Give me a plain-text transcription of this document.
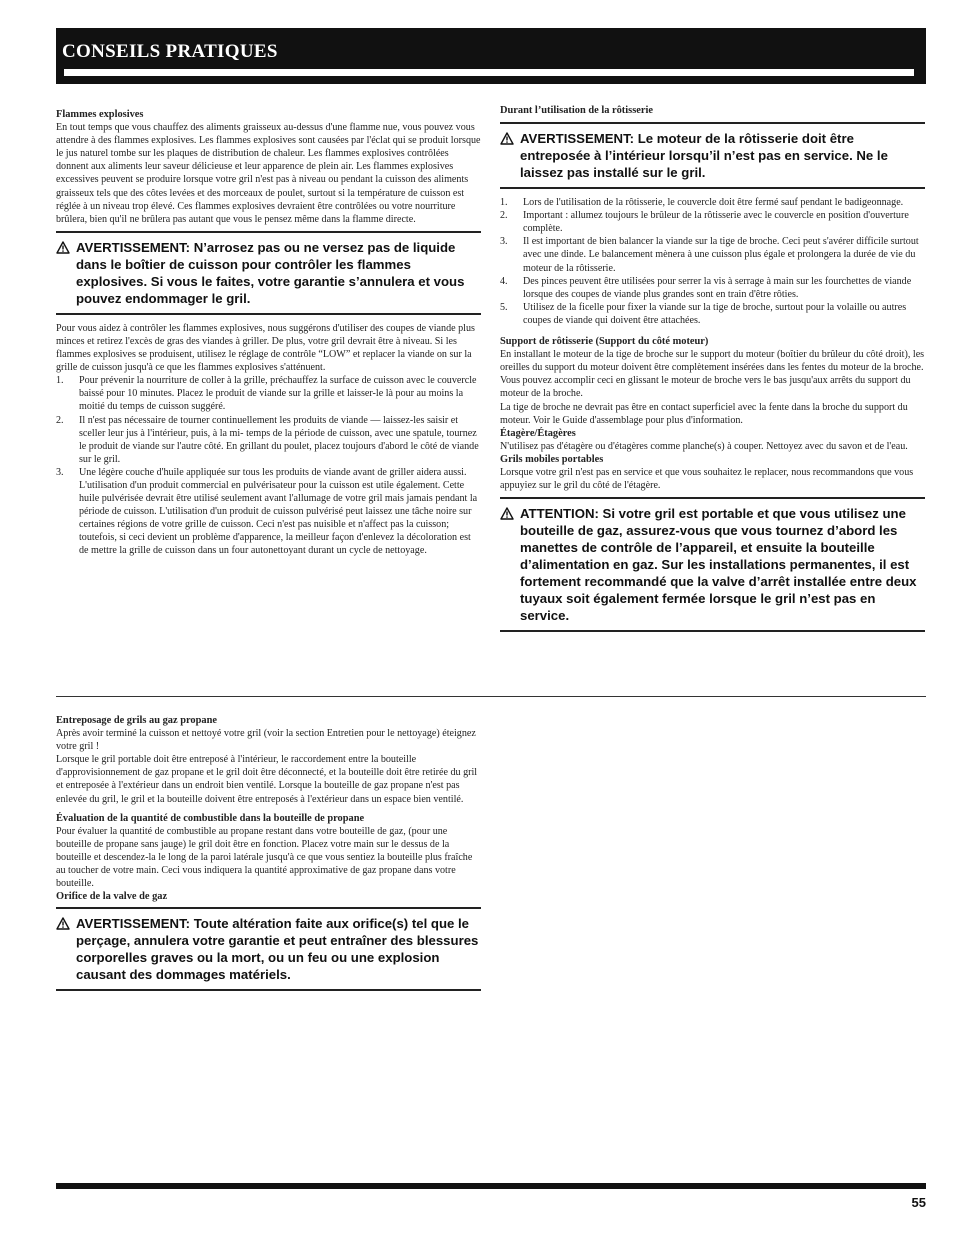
CONSEILS PRATIQUES

Flammes explosives

En tout temps que vous chauffez des aliments graisseux au-dessus d'une flamme nue, vous pouvez vous attendre à des flammes explosives. Les flammes explosives sont causées par l'éclat qui se produit lorsque le jus naturel tombe sur les plaques de distribution de chaleur. Les flammes explosives contrôlées donnent aux aliments leur saveur délicieuse et leur apparence de plein air. Les flammes explosives excessives peuvent se produire lorsque votre gril n'est pas à niveau ou pendant la cuisson des aliments graisseux tels que des côtes levées et des morceaux de poulet, surtout si la température de cuisson est réglée à un niveau trop élevé. Ces flammes explosives devraient être contrôlées ou votre nourriture brûlera, bien qu'il ne brûlera pas autant que vous le pensez même dans la flamme directe.

AVERTISSEMENT: N’arrosez pas ou ne versez pas de liquide dans le boîtier de cuisson pour contrôler les flammes explosives. Si vous le faites, votre garantie s’annulera et vous pouvez endommager le gril.

Pour vous aidez à contrôler les flammes explosives, nous suggérons d'utiliser des coupes de viande plus minces et retirez l'excès de gras des viandes à griller. De plus, votre gril devrait être à niveau. Si les flammes explosives se produisent, utilisez le réglage de contrôle “LOW” et replacer la viande on sur la grille de cuisson jusqu'à ce que les flammes explosives s'atténuent.

1. Pour prévenir la nourriture de coller à la grille, préchauffez la surface de cuisson avec le couvercle baissé pour 10 minutes. Placez le produit de viande sur la grille et laisser-le là pour au moins la moitié du temps de cuisson suggéré.
2. Il n'est pas nécessaire de tourner continuellement les produits de viande — laissez-les saisir et sceller leur jus à l'intérieur, puis, à la mi- temps de la période de cuisson, avec une spatule, tournez le produit de viande sur l'autre côté. En grillant du poulet, placez toujours d'abord le côté de viande sur le gril.
3. Une légère couche d'huile appliquée sur tous les produits de viande avant de griller aidera aussi. L'utilisation d'un produit commercial en pulvérisateur pour la cuisson est utile également. Cette huile pulvérisée devrait être utilisé seulement avant l'allumage de votre gril mais jamais pendant la période de cuisson. L'utilisation d'un produit de cuisson pulvérisé peut laissez une tâche noire sur certaines régions de votre grille de cuisson. Ceci n'est pas nuisible et n'affect pas la cuisson; toutefois, si ceci devient un problème d'apparence, la meilleur façon d'enlevez la décoloration est de mettre la grille de cuisson dans un four autonettoyant durant un cycle de nettoyage.

Durant l’utilisation de la rôtisserie

AVERTISSEMENT: Le moteur de la rôtisserie doit être entreposée à l’intérieur lorsqu’il n’est pas en service. Ne le laissez pas installé sur le gril.
1. Lors de l'utilisation de la rôtisserie, le couvercle doit être fermé sauf pendant le badigeonnage.
2. Important : allumez toujours le brûleur de la rôtisserie avec le couvercle en position d'ouverture complète.
3. Il est important de bien balancer la viande sur la tige de broche. Ceci peut s'avérer difficile surtout avec une dinde. Le balancement mènera à une cuisson plus égale et prolongera la durée de vie du moteur de la rôtisserie.
4. Des pinces peuvent être utilisées pour serrer la vis à serrage à main sur les fourchettes de viande lorsque des coupes de viande plus grandes sont en train d'être rôties.
5. Utilisez de la ficelle pour fixer la viande sur la tige de broche, surtout pour la volaille ou autres coupes de viande qui doivent être attachées.

Support de rôtisserie (Support du côté moteur)

En installant le moteur de la tige de broche sur le support du moteur (boîtier du brûleur du côté droit), les oreilles du support du moteur doivent être complètement insérées dans les fentes du moteur de la broche. Vous pouvez accomplir ceci en glissant le moteur de broche vers le bas jusqu'aux arrêts du support du moteur de la broche.

La tige de broche ne devrait pas être en contact superficiel avec la fente dans la broche du support du moteur. Voir le Guide d'assemblage pour plus d'information.

Étagère/Étagères

N'utilisez pas d'étagère ou d'étagères comme planche(s) à couper. Nettoyez avec du savon et de l'eau.

Grils mobiles portables

Lorsque votre gril n'est pas en service et que vous souhaitez le replacer, nous recommandons que vous appuyiez sur le gril du côté de l'étagère.

ATTENTION: Si votre gril est portable et que vous utilisez une bouteille de gaz, assurez-vous que vous tournez d’abord les manettes de contrôle de l’appareil, et ensuite la bouteille d’alimentation en gaz. Sur les installations permanentes, il est fortement recommandé que la valve d’arrêt installée entre deux tuyaux soit également fermée lorsque le gril n’est pas en service.

Entreposage de grils au gaz propane

Après avoir terminé la cuisson et nettoyé votre gril (voir la section Entretien pour le nettoyage) éteignez votre gril !

Lorsque le gril portable doit être entreposé à l'intérieur, le raccordement entre la bouteille d'approvisionnement de gaz propane et le gril doit être déconnecté, et la bouteille doit être retirée du gril et entreposée à l'extérieur dans un endroit bien ventilé. Lorsque la bouteille de gaz propane n'est pas enlevée du gril, le gril et la bouteille doivent être entreposés à l'extérieur dans un espace bien ventilé.

Évaluation de la quantité de combustible dans la bouteille de propane

Pour évaluer la quantité de combustible au propane restant dans votre bouteille de gaz, (pour une bouteille de propane sans jauge) le gril doit être en fonction. Placez votre main sur le dessus de la bouteille et descendez-la le long de la paroi latérale jusqu'à ce que vous sentiez la bouteille plus fraîche au toucher de votre main. Ceci vous indiquera la quantité approximative de gaz propane dans votre bouteille.

Orifice de la valve de gaz

AVERTISSEMENT: Toute altération faite aux orifice(s) tel que le perçage, annulera votre garantie et peut entraîner des blessures corporelles graves ou la mort, ou un feu ou une explosion causant des dommages matériels.
55
